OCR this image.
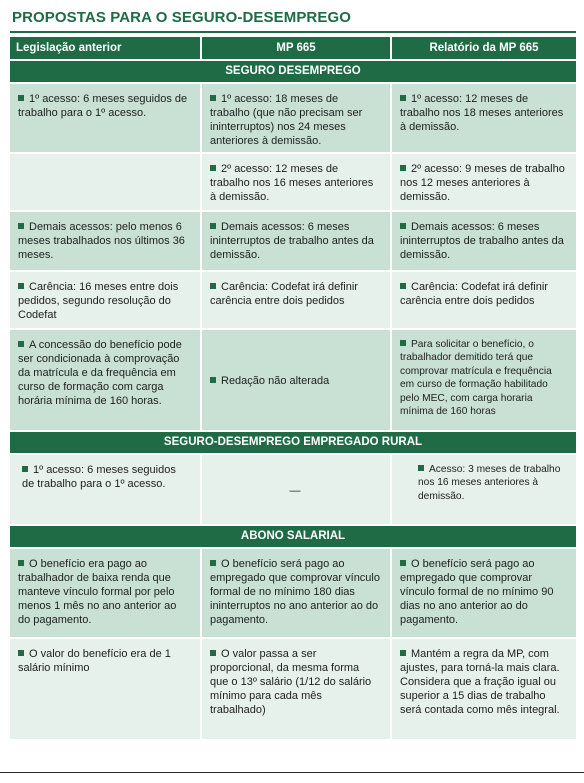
PROPOSTAS PARA O SEGURO-DESEMPREGO
Legislação anterior	MP 665	Relatório da MP 665
SEGURO DESEMPREGO
1º acesso: 6 meses seguidos de trabalho para o 1º acesso.
1º acesso: 18 meses de trabalho (que não precisam ser ininterruptos) nos 24 meses anteriores à demissão.
1º acesso: 12 meses de trabalho nos 18 meses anteriores à demissão.
2º acesso: 12 meses de trabalho nos 16 meses anteriores à demissão.
2º acesso: 9 meses de trabalho nos 12 meses anteriores à demissão.
Demais acessos: pelo menos 6 meses trabalhados nos últimos 36 meses.
Demais acessos: 6 meses ininterruptos de trabalho antes da demissão.
Demais acessos: 6 meses ininterruptos de trabalho antes da demissão.
Carência: 16 meses entre dois pedidos, segundo resolução do Codefat
Carência: Codefat irá definir carência entre dois pedidos
Carência: Codefat irá definir carência entre dois pedidos
A concessão do benefício pode ser condicionada à comprovação da matrícula e da frequência em curso de formação com carga horária mínima de 160 horas.
Redação não alterada
Para solicitar o benefício, o trabalhador demitido terá que comprovar matrícula e frequência em curso de formação habilitado pelo MEC, com carga horaria mínima de 160 horas
SEGURO-DESEMPREGO EMPREGADO RURAL
1º acesso: 6 meses seguidos de trabalho para o 1º acesso.
—
Acesso: 3 meses de trabalho nos 16 meses anteriores à demissão.
ABONO SALARIAL
O benefício era pago ao trabalhador de baixa renda que manteve vínculo formal por pelo menos 1 mês no ano anterior ao do pagamento.
O benefício será pago ao empregado que comprovar vínculo formal de no mínimo 180 dias ininterruptos no ano anterior ao do pagamento.
O benefício será pago ao empregado que comprovar vínculo formal de no mínimo 90 dias no ano anterior ao do pagamento.
O valor do benefício era de 1 salário mínimo
O valor passa a ser proporcional, da mesma forma que o 13º salário (1/12 do salário mínimo para cada mês trabalhado)
Mantém a regra da MP, com ajustes, para torná-la mais clara. Considera que a fração igual ou superior a 15 dias de trabalho será contada como mês integral.
